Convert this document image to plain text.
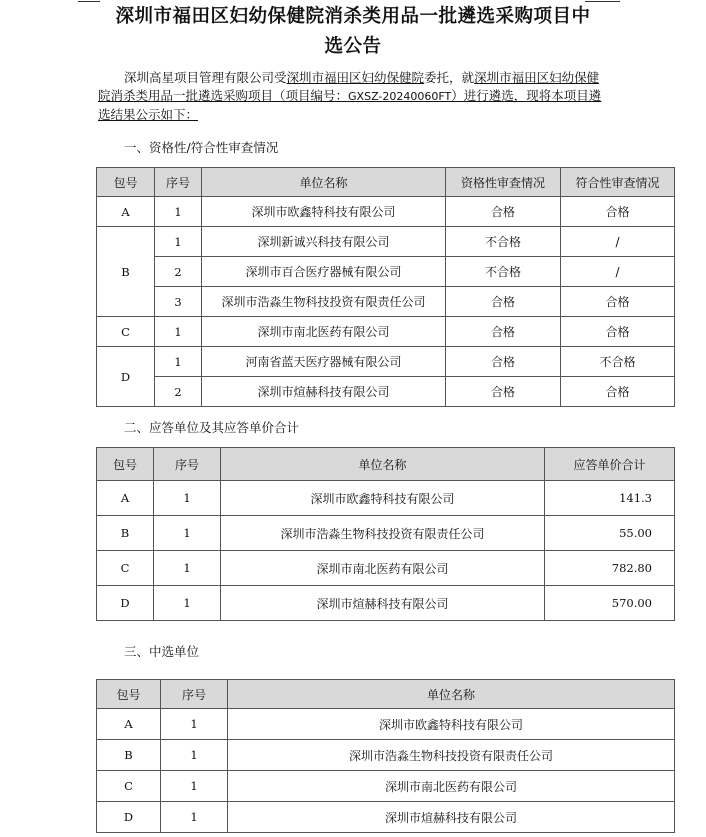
深圳市福田区妇幼保健院消杀类用品一批遴选采购项目中
选公告

深圳高星项目管理有限公司受深圳市福田区妇幼保健院委托，就深圳市福田区妇幼保健院消杀类用品一批遴选采购项目（项目编号：GXSZ-20240060FT）进行遴选，现将本项目遴选结果公示如下：

一、资格性/符合性审查情况
包号	序号	单位名称	资格性审查情况	符合性审查情况
A	1	深圳市欧鑫特科技有限公司	合格	合格
B	1	深圳新诚兴科技有限公司	不合格	/
	2	深圳市百合医疗器械有限公司	不合格	/
	3	深圳市浩淼生物科技投资有限责任公司	合格	合格
C	1	深圳市南北医药有限公司	合格	合格
D	1	河南省蓝天医疗器械有限公司	合格	不合格
	2	深圳市煊赫科技有限公司	合格	合格
二、应答单位及其应答单价合计
包号	序号	单位名称	应答单价合计
A	1	深圳市欧鑫特科技有限公司	141.3
B	1	深圳市浩淼生物科技投资有限责任公司	55.00
C	1	深圳市南北医药有限公司	782.80
D	1	深圳市煊赫科技有限公司	570.00
三、中选单位
包号	序号	单位名称
A	1	深圳市欧鑫特科技有限公司
B	1	深圳市浩淼生物科技投资有限责任公司
C	1	深圳市南北医药有限公司
D	1	深圳市煊赫科技有限公司
